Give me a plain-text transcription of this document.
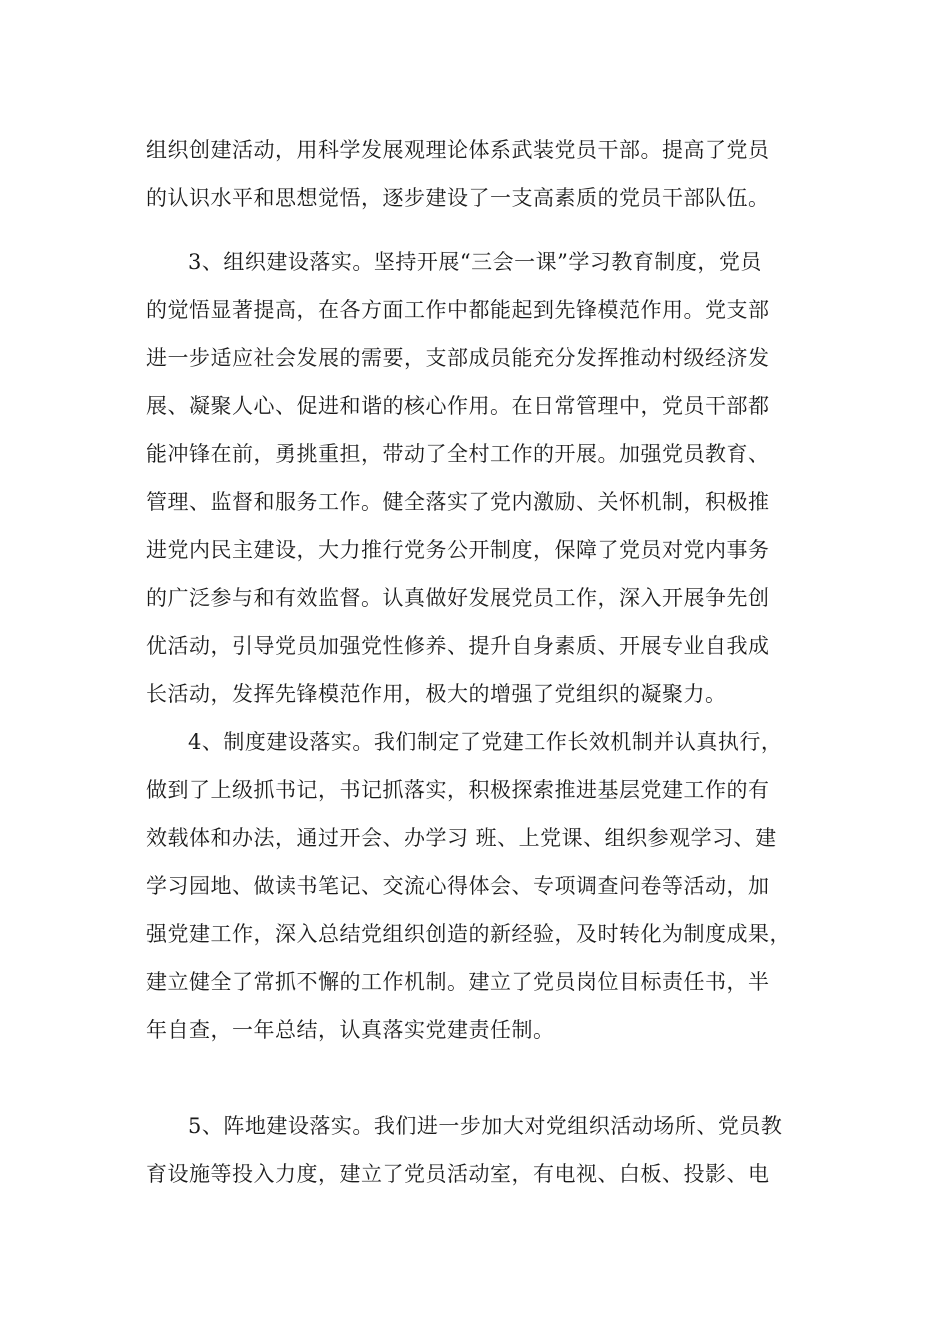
组织创建活动，用科学发展观理论体系武装党员干部。提高了党员
的认识水平和思想觉悟，逐步建设了一支高素质的党员干部队伍。
3、组织建设落实。坚持开展“三会一课”学习教育制度，党员
的觉悟显著提高，在各方面工作中都能起到先锋模范作用。党支部
进一步适应社会发展的需要，支部成员能充分发挥推动村级经济发
展、凝聚人心、促进和谐的核心作用。在日常管理中，党员干部都
能冲锋在前，勇挑重担，带动了全村工作的开展。加强党员教育、
管理、监督和服务工作。健全落实了党内激励、关怀机制，积极推
进党内民主建设，大力推行党务公开制度，保障了党员对党内事务
的广泛参与和有效监督。认真做好发展党员工作，深入开展争先创
优活动，引导党员加强党性修养、提升自身素质、开展专业自我成
长活动，发挥先锋模范作用，极大的增强了党组织的凝聚力。
4、制度建设落实。我们制定了党建工作长效机制并认真执行，
做到了上级抓书记，书记抓落实，积极探索推进基层党建工作的有
效载体和办法，通过开会、办学习 班、上党课、组织参观学习、建
学习园地、做读书笔记、交流心得体会、专项调查问卷等活动，加
强党建工作，深入总结党组织创造的新经验，及时转化为制度成果，
建立健全了常抓不懈的工作机制。建立了党员岗位目标责任书，半
年自查，一年总结，认真落实党建责任制。
5、阵地建设落实。我们进一步加大对党组织活动场所、党员教
育设施等投入力度，建立了党员活动室，有电视、白板、投影、电
